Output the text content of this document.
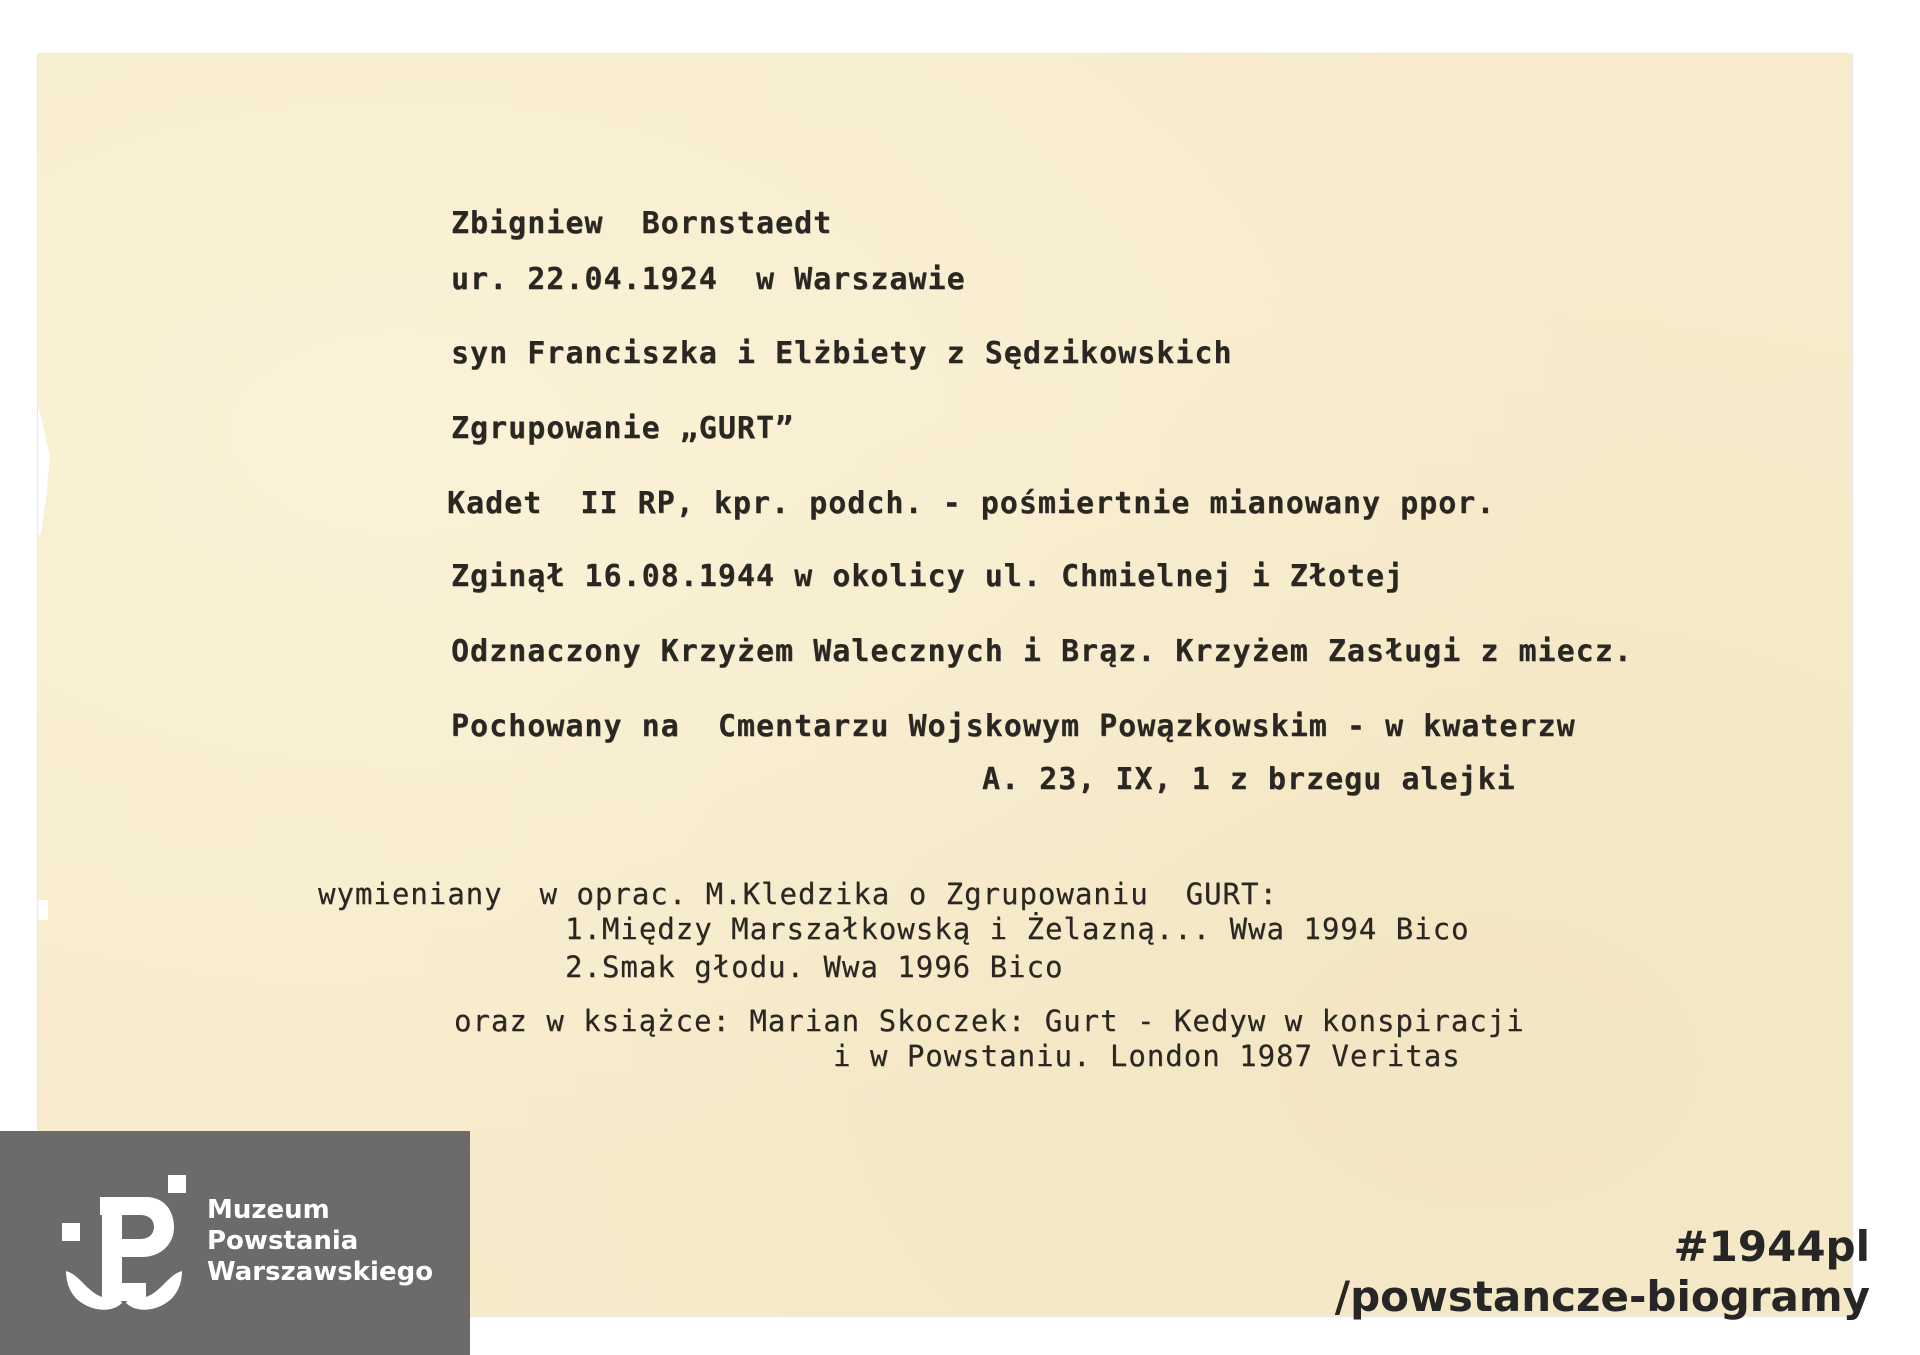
Zbigniew  Bornstaedt
ur. 22.04.1924  w Warszawie
syn Franciszka i Elżbiety z Sędzikowskich
Zgrupowanie „GURT”
Kadet  II RP, kpr. podch. - pośmiertnie mianowany ppor.
Zginął 16.08.1944 w okolicy ul. Chmielnej i Złotej
Odznaczony Krzyżem Walecznych i Brąz. Krzyżem Zasługi z miecz.
Pochowany na  Cmentarzu Wojskowym Powązkowskim - w kwaterzw
A. 23, IX, 1 z brzegu alejki
wymieniany  w oprac. M.Kledzika o Zgrupowaniu  GURT:
1.Między Marszałkowską i Żelazną... Wwa 1994 Bico
2.Smak głodu. Wwa 1996 Bico
oraz w książce: Marian Skoczek: Gurt - Kedyw w konspiracji
i w Powstaniu. London 1987 Veritas
Muzeum
Powstania
Warszawskiego
#1944pl
/powstancze-biogramy
